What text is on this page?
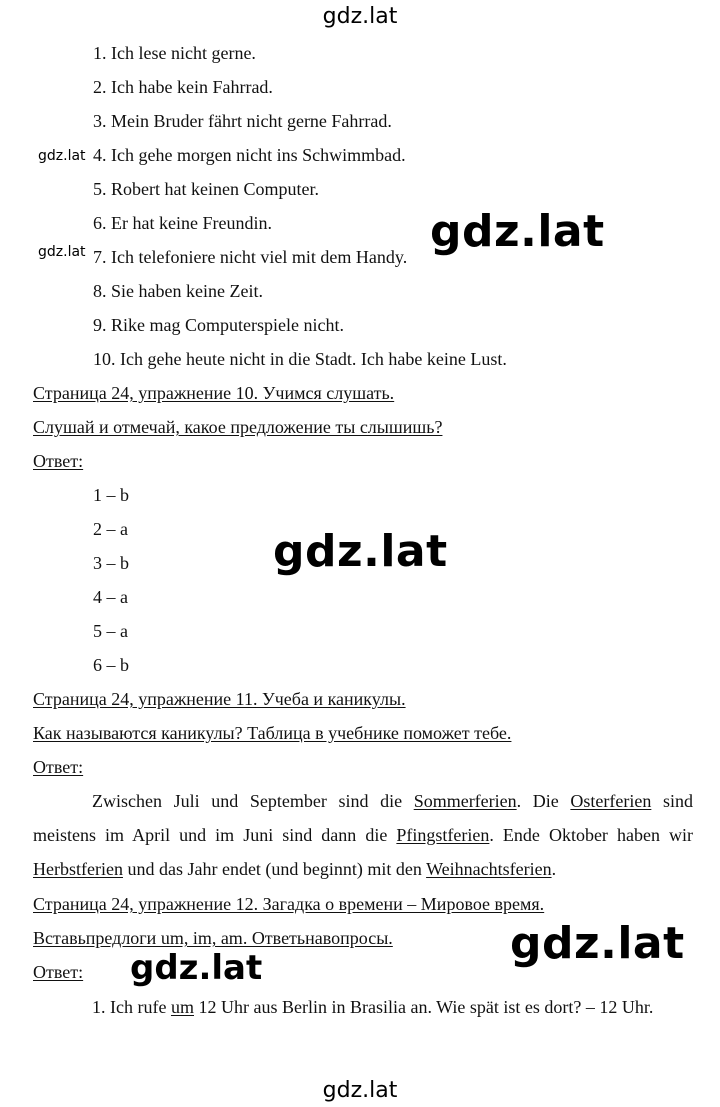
gdz.lat
gdz.lat
gdz.lat
1. Ich lese nicht gerne.
2. Ich habe kein Fahrrad.
3. Mein Bruder fährt nicht gerne Fahrrad.
4. Ich gehe morgen nicht ins Schwimmbad.
5. Robert hat keinen Computer.
6. Er hat keine Freundin.
7. Ich telefoniere nicht viel mit dem Handy.
8. Sie haben keine Zeit.
9. Rike mag Computerspiele nicht.
10. Ich gehe heute nicht in die Stadt. Ich habe keine Lust.
gdz.lat
Страница 24, упражнение 10. Учимся слушать.
Слушай и отмечай, какое предложение ты слышишь?
Ответ:
1 – b
2 – a
3 – b
4 – a
5 – a
6 – b
gdz.lat
Страница 24, упражнение 11. Учеба и каникулы.
Как называются каникулы? Таблица в учебнике поможет тебе.
Ответ:
Zwischen Juli und September sind die Sommerferien. Die Osterferien sind meistens im April und im Juni sind dann die Pfingstferien. Ende Oktober haben wir Herbstferien und das Jahr endet (und beginnt) mit den Weihnachtsferien.
Страница 24, упражнение 12. Загадка о времени – Мировое время.
Вставьпредлоги um, im, am. Ответьнавопросы.
Ответ: gdz.lat	gdz.lat
1. Ich rufe um 12 Uhr aus Berlin in Brasilia an. Wie spät ist es dort? – 12 Uhr.
gdz.lat
